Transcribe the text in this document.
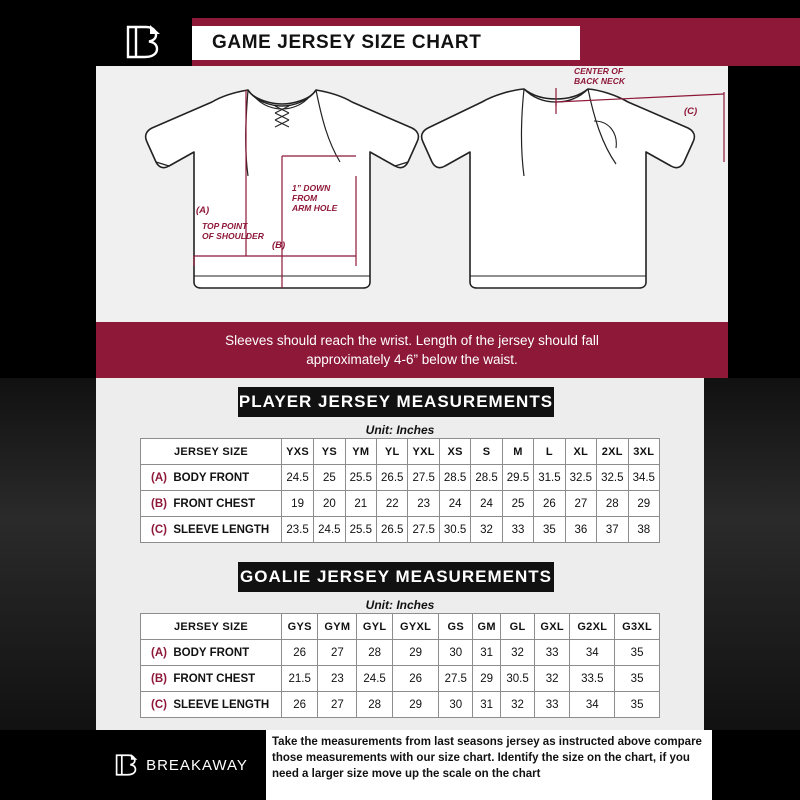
GAME JERSEY SIZE CHART
(B)
(A)
TOP POINT
OF SHOULDER
1” DOWN
FROM
ARM HOLE
CENTER OF
BACK NECK
(C)
Sleeves should reach the wrist. Length of the jersey should fall
approximately 4-6” below the waist.
PLAYER JERSEY MEASUREMENTS
Unit: Inches
JERSEY SIZE	YXS	YS	YM	YL	YXL	XS	S	M	L	XL	2XL	3XL
(A)  BODY FRONT	24.5	25	25.5	26.5	27.5	28.5	28.5	29.5	31.5	32.5	32.5	34.5
(B)  FRONT CHEST	19	20	21	22	23	24	24	25	26	27	28	29
(C)  SLEEVE LENGTH	23.5	24.5	25.5	26.5	27.5	30.5	32	33	35	36	37	38
GOALIE JERSEY MEASUREMENTS
Unit: Inches
JERSEY SIZE	GYS	GYM	GYL	GYXL	GS	GM	GL	GXL	G2XL	G3XL
(A)  BODY FRONT	26	27	28	29	30	31	32	33	34	35
(B)  FRONT CHEST	21.5	23	24.5	26	27.5	29	30.5	32	33.5	35
(C)  SLEEVE LENGTH	26	27	28	29	30	31	32	33	34	35
BREAKAWAY
Take the measurements from last seasons jersey as instructed above compare those measurements with our size chart. Identify the size on the chart, if you need a larger size move up the scale on the chart
